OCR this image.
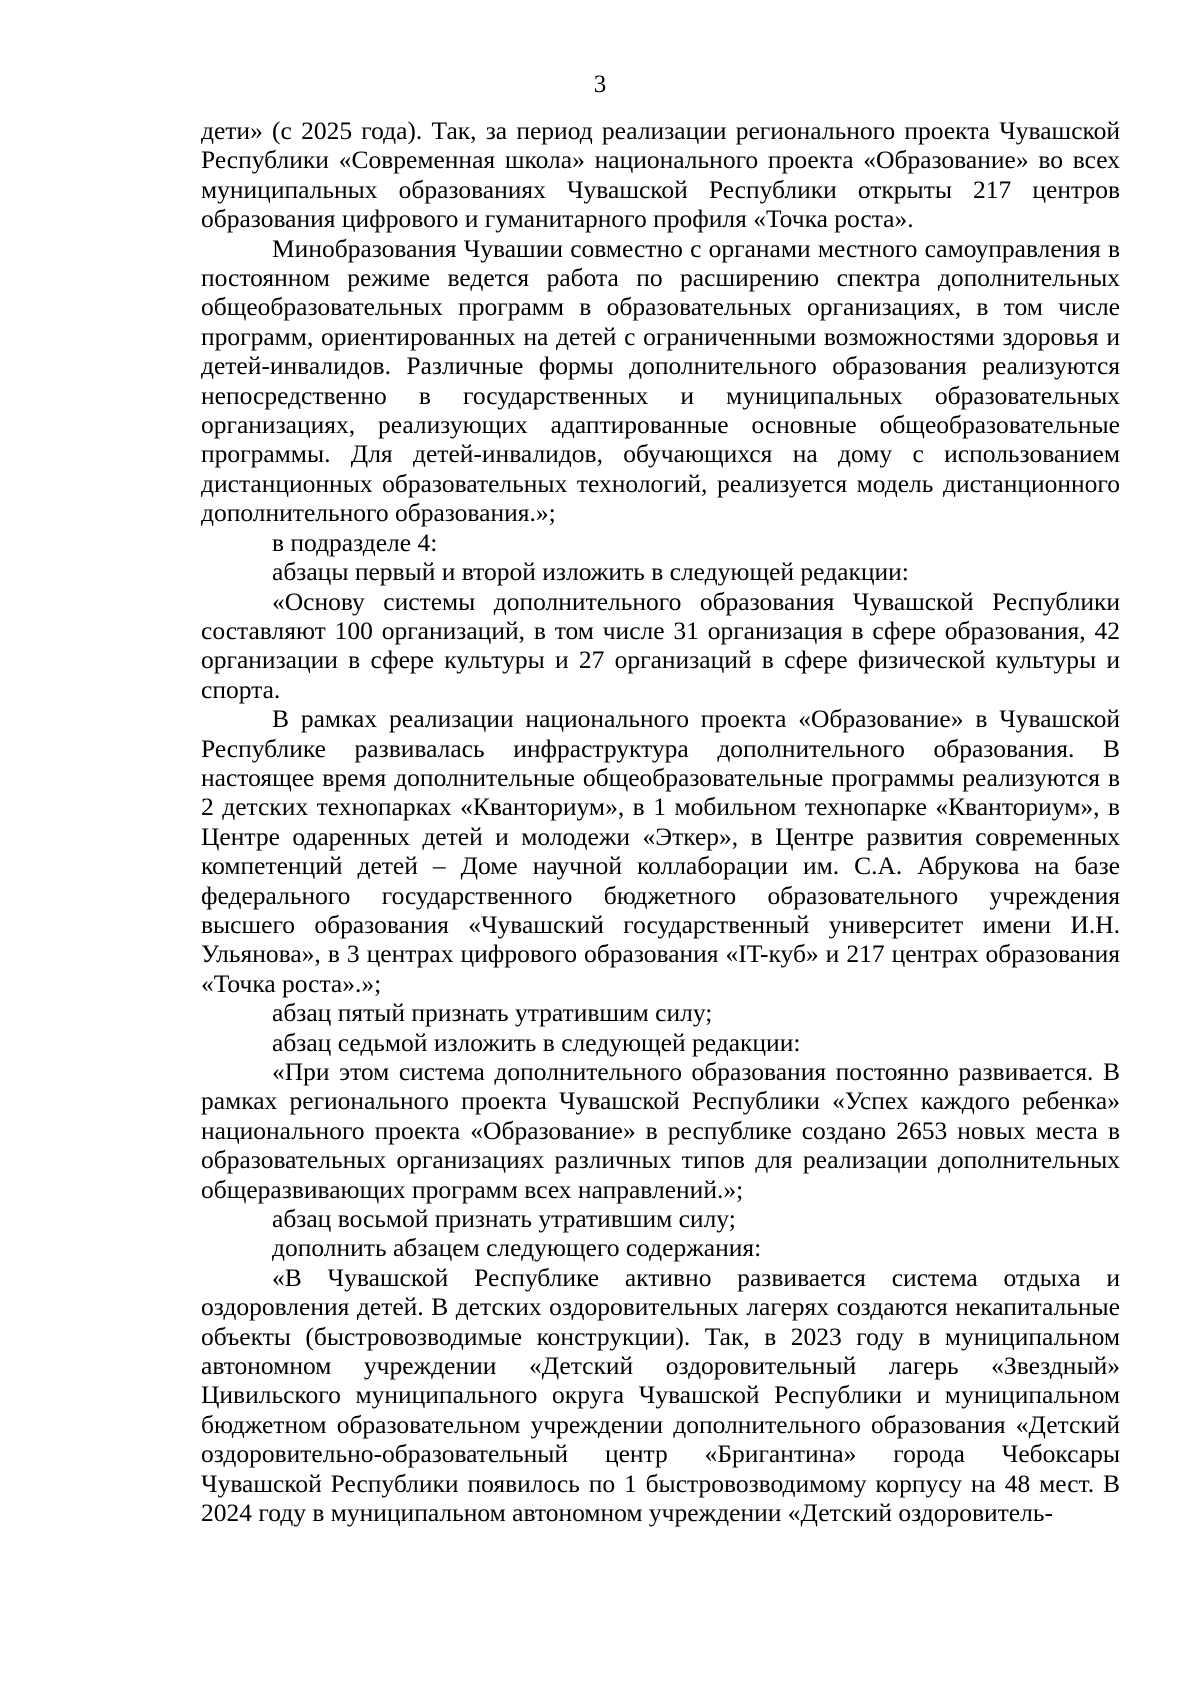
3

дети» (с 2025 года). Так, за период реализации регионального проекта Чувашской Республики «Современная школа» национального проекта «Образование» во всех муниципальных образованиях Чувашской Республики открыты 217 центров образования цифрового и гуманитарного профиля «Точка роста».

Минобразования Чувашии совместно с органами местного самоуправления в постоянном режиме ведется работа по расширению спектра дополнительных общеобразовательных программ в образовательных организациях, в том числе программ, ориентированных на детей с ограниченными возможностями здоровья и детей-инвалидов. Различные формы дополнительного образования реализуются непосредственно в государственных и муниципальных образовательных организациях, реализующих адаптированные основные общеобразовательные программы. Для детей-инвалидов, обучающихся на дому с использованием дистанционных образовательных технологий, реализуется модель дистанционного дополнительного образования.»;

в подразделе 4:

абзацы первый и второй изложить в следующей редакции:

«Основу системы дополнительного образования Чувашской Республики составляют 100 организаций, в том числе 31 организация в сфере образования, 42 организации в сфере культуры и 27 организаций в сфере физической культуры и спорта.

В рамках реализации национального проекта «Образование» в Чувашской Республике развивалась инфраструктура дополнительного образования. В настоящее время дополнительные общеобразовательные программы реализуются в 2 детских технопарках «Кванториум», в 1 мобильном технопарке «Кванториум», в Центре одаренных детей и молодежи «Эткер», в Центре развития современных компетенций детей – Доме научной коллаборации им. С.А. Абрукова на базе федерального государственного бюджетного образовательного учреждения высшего образования «Чувашский государственный университет имени И.Н. Ульянова», в 3 центрах цифрового образования «IT-куб» и 217 центрах образования «Точка роста».»;

абзац пятый признать утратившим силу;

абзац седьмой изложить в следующей редакции:

«При этом система дополнительного образования постоянно развивается. В рамках регионального проекта Чувашской Республики «Успех каждого ребенка» национального проекта «Образование» в республике создано 2653 новых места в образовательных организациях различных типов для реализации дополнительных общеразвивающих программ всех направлений.»;

абзац восьмой признать утратившим силу;

дополнить абзацем следующего содержания:

«В Чувашской Республике активно развивается система отдыха и оздоровления детей. В детских оздоровительных лагерях создаются некапитальные объекты (быстровозводимые конструкции). Так, в 2023 году в муниципальном автономном учреждении «Детский оздоровительный лагерь «Звездный» Цивильского муниципального округа Чувашской Республики и муниципальном бюджетном образовательном учреждении дополнительного образования «Детский оздоровительно-образовательный центр «Бригантина» города Чебоксары Чувашской Республики появилось по 1 быстровозводимому корпусу на 48 мест. В 2024 году в муниципальном автономном учреждении «Детский оздоровитель-
